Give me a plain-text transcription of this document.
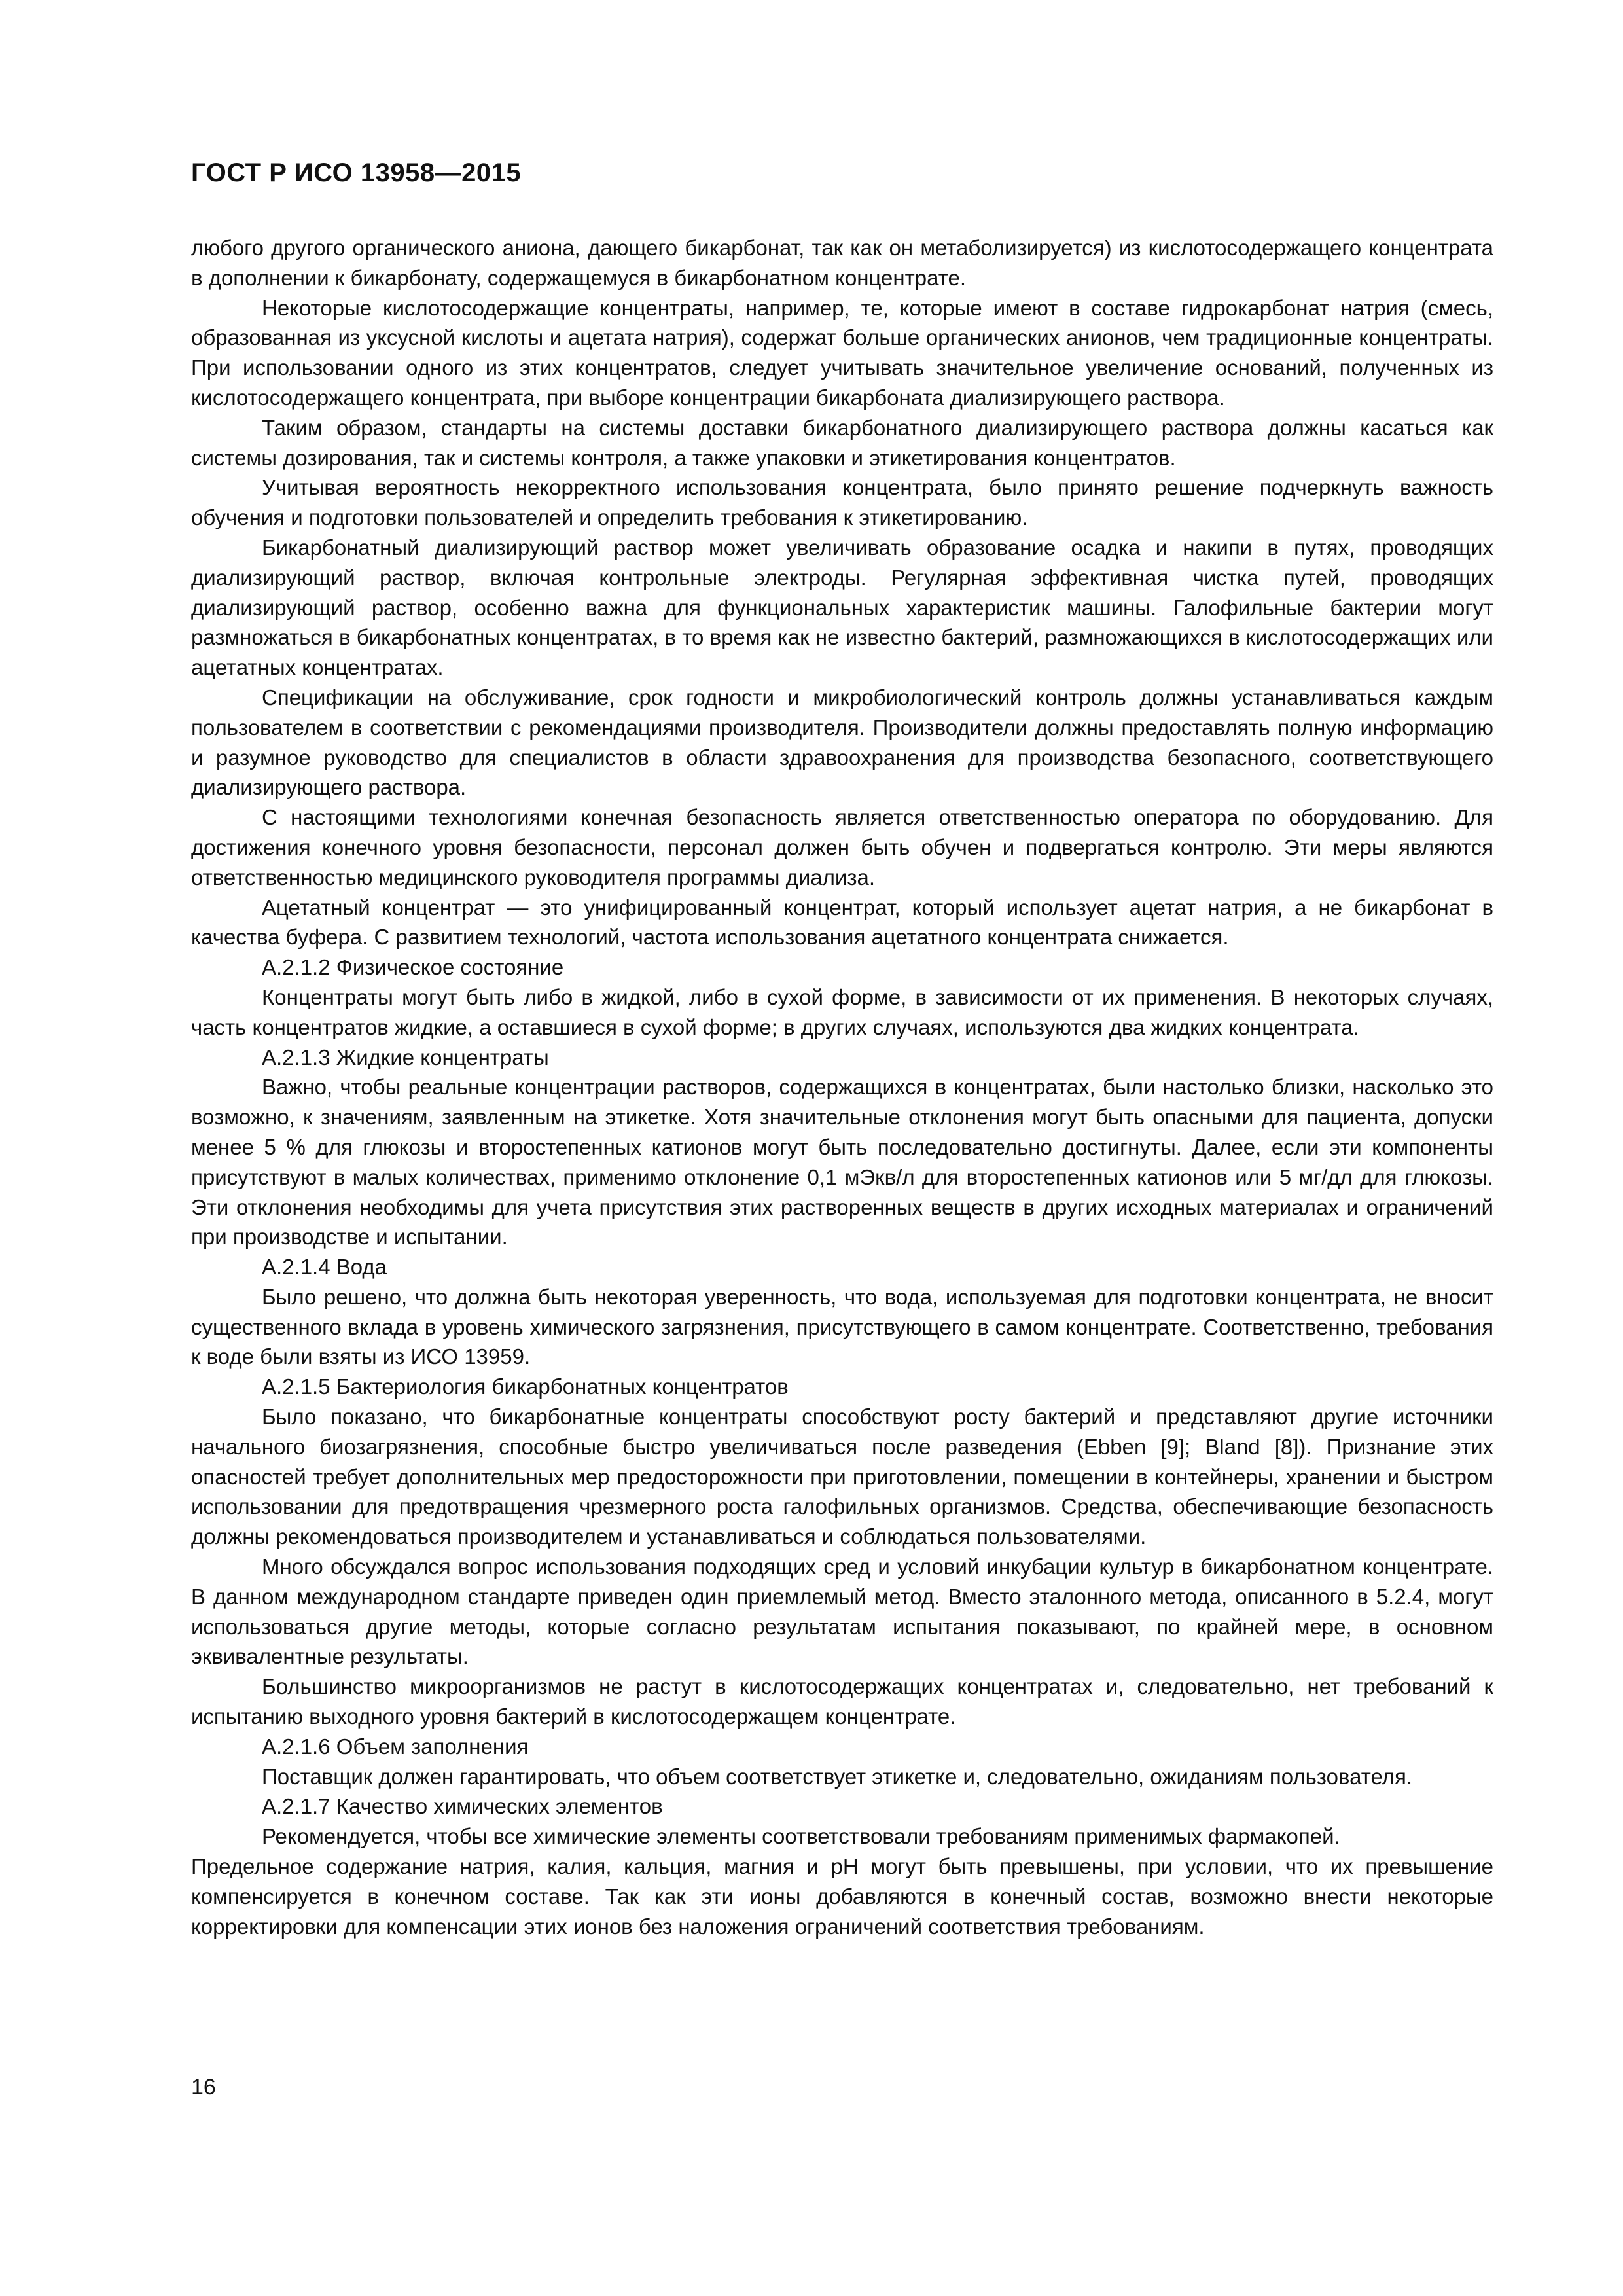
ГОСТ Р ИСО 13958—2015

любого другого органического аниона, дающего бикарбонат, так как он метаболизируется) из кислотосодержащего концентрата в дополнении к бикарбонату, содержащемуся в бикарбонатном концентрате.

Некоторые кислотосодержащие концентраты, например, те, которые имеют в составе гидрокарбонат натрия (смесь, образованная из уксусной кислоты и ацетата натрия), содержат больше органических анионов, чем традиционные концентраты. При использовании одного из этих концентратов, следует учитывать значительное увеличение оснований, полученных из кислотосодержащего концентрата, при выборе концентрации бикарбоната диализирующего раствора.

Таким образом, стандарты на системы доставки бикарбонатного диализирующего раствора должны касаться как системы дозирования, так и системы контроля, а также упаковки и этикетирования концентратов.

Учитывая вероятность некорректного использования концентрата, было принято решение подчеркнуть важность обучения и подготовки пользователей и определить требования к этикетированию.

Бикарбонатный диализирующий раствор может увеличивать образование осадка и накипи в путях, проводящих диализирующий раствор, включая контрольные электроды. Регулярная эффективная чистка путей, проводящих диализирующий раствор, особенно важна для функциональных характеристик машины. Галофильные бактерии могут размножаться в бикарбонатных концентратах, в то время как не известно бактерий, размножающихся в кислотосодержащих или ацетатных концентратах.

Спецификации на обслуживание, срок годности и микробиологический контроль должны устанавливаться каждым пользователем в соответствии с рекомендациями производителя. Производители должны предоставлять полную информацию и разумное руководство для специалистов в области здравоохранения для производства безопасного, соответствующего диализирующего раствора.

С настоящими технологиями конечная безопасность является ответственностью оператора по оборудованию. Для достижения конечного уровня безопасности, персонал должен быть обучен и подвергаться контролю. Эти меры являются ответственностью медицинского руководителя программы диализа.

Ацетатный концентрат — это унифицированный концентрат, который использует ацетат натрия, а не бикарбонат в качества буфера. С развитием технологий, частота использования ацетатного концентрата снижается.

А.2.1.2 Физическое состояние

Концентраты могут быть либо в жидкой, либо в сухой форме, в зависимости от их применения. В некоторых случаях, часть концентратов жидкие, а оставшиеся в сухой форме; в других случаях, используются два жидких концентрата.

А.2.1.3 Жидкие концентраты

Важно, чтобы реальные концентрации растворов, содержащихся в концентратах, были настолько близки, насколько это возможно, к значениям, заявленным на этикетке. Хотя значительные отклонения могут быть опасными для пациента, допуски менее 5 % для глюкозы и второстепенных катионов могут быть последовательно достигнуты. Далее, если эти компоненты присутствуют в малых количествах, применимо отклонение 0,1 мЭкв/л для второстепенных катионов или 5 мг/дл для глюкозы. Эти отклонения необходимы для учета присутствия этих растворенных веществ в других исходных материалах и ограничений при производстве и испытании.

А.2.1.4 Вода

Было решено, что должна быть некоторая уверенность, что вода, используемая для подготовки концентрата, не вносит существенного вклада в уровень химического загрязнения, присутствующего в самом концентрате. Соответственно, требования к воде были взяты из ИСО 13959.

А.2.1.5 Бактериология бикарбонатных концентратов

Было показано, что бикарбонатные концентраты способствуют росту бактерий и представляют другие источники начального биозагрязнения, способные быстро увеличиваться после разведения (Ebben [9]; Bland [8]). Признание этих опасностей требует дополнительных мер предосторожности при приготовлении, помещении в контейнеры, хранении и быстром использовании для предотвращения чрезмерного роста галофильных организмов. Средства, обеспечивающие безопасность должны рекомендоваться производителем и устанавливаться и соблюдаться пользователями.

Много обсуждался вопрос использования подходящих сред и условий инкубации культур в бикарбонатном концентрате. В данном международном стандарте приведен один приемлемый метод. Вместо эталонного метода, описанного в 5.2.4, могут использоваться другие методы, которые согласно результатам испытания показывают, по крайней мере, в основном эквивалентные результаты.

Большинство микроорганизмов не растут в кислотосодержащих концентратах и, следовательно, нет требований к испытанию выходного уровня бактерий в кислотосодержащем концентрате.

А.2.1.6 Объем заполнения

Поставщик должен гарантировать, что объем соответствует этикетке и, следовательно, ожиданиям пользователя.

А.2.1.7 Качество химических элементов

Рекомендуется, чтобы все химические элементы соответствовали требованиям применимых фармакопей.

Предельное содержание натрия, калия, кальция, магния и pH могут быть превышены, при условии, что их превышение компенсируется в конечном составе. Так как эти ионы добавляются в конечный состав, возможно внести некоторые корректировки для компенсации этих ионов без наложения ограничений соответствия требованиям.

16
